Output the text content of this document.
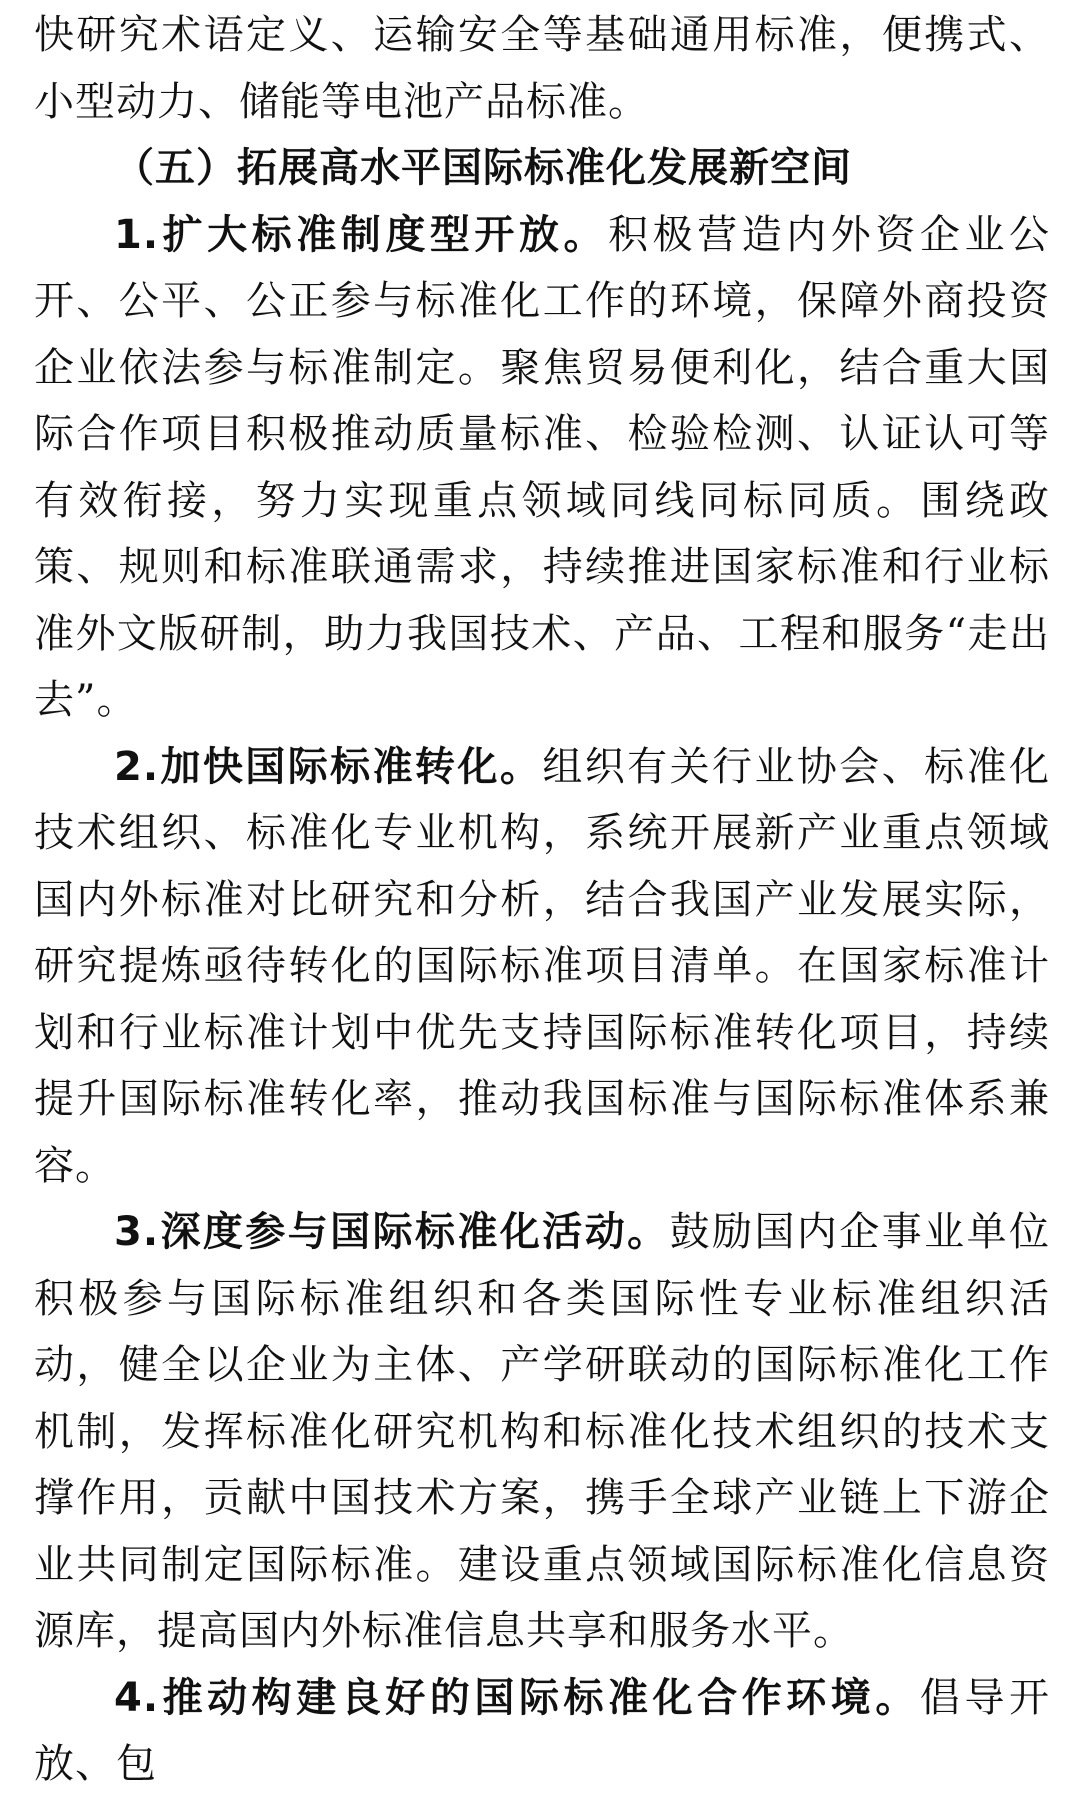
快研究术语定义、运输安全等基础通用标准，便携式、小型动力、储能等电池产品标准。

（五）拓展高水平国际标准化发展新空间

1.扩大标准制度型开放。积极营造内外资企业公开、公平、公正参与标准化工作的环境，保障外商投资企业依法参与标准制定。聚焦贸易便利化，结合重大国际合作项目积极推动质量标准、检验检测、认证认可等有效衔接，努力实现重点领域同线同标同质。围绕政策、规则和标准联通需求，持续推进国家标准和行业标准外文版研制，助力我国技术、产品、工程和服务“走出去”。

2.加快国际标准转化。组织有关行业协会、标准化技术组织、标准化专业机构，系统开展新产业重点领域国内外标准对比研究和分析，结合我国产业发展实际，研究提炼亟待转化的国际标准项目清单。在国家标准计划和行业标准计划中优先支持国际标准转化项目，持续提升国际标准转化率，推动我国标准与国际标准体系兼容。

3.深度参与国际标准化活动。鼓励国内企事业单位积极参与国际标准组织和各类国际性专业标准组织活动，健全以企业为主体、产学研联动的国际标准化工作机制，发挥标准化研究机构和标准化技术组织的技术支撑作用，贡献中国技术方案，携手全球产业链上下游企业共同制定国际标准。建设重点领域国际标准化信息资源库，提高国内外标准信息共享和服务水平。

4.推动构建良好的国际标准化合作环境。倡导开放、包
